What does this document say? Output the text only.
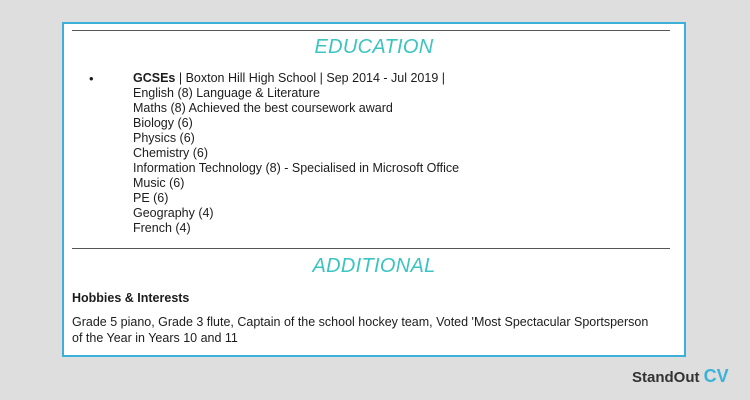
EDUCATION
•	GCSEs | Boxton Hill High School | Sep 2014 - Jul 2019 |
English (8) Language & Literature
Maths (8) Achieved the best coursework award
Biology (6)
Physics (6)
Chemistry (6)
Information Technology (8) - Specialised in Microsoft Office
Music (6)
PE (6)
Geography (4)
French (4)
ADDITIONAL
Hobbies & Interests
Grade 5 piano, Grade 3 flute, Captain of the school hockey team, Voted 'Most Spectacular Sportsperson of the Year in Years 10 and 11
StandOut CV
